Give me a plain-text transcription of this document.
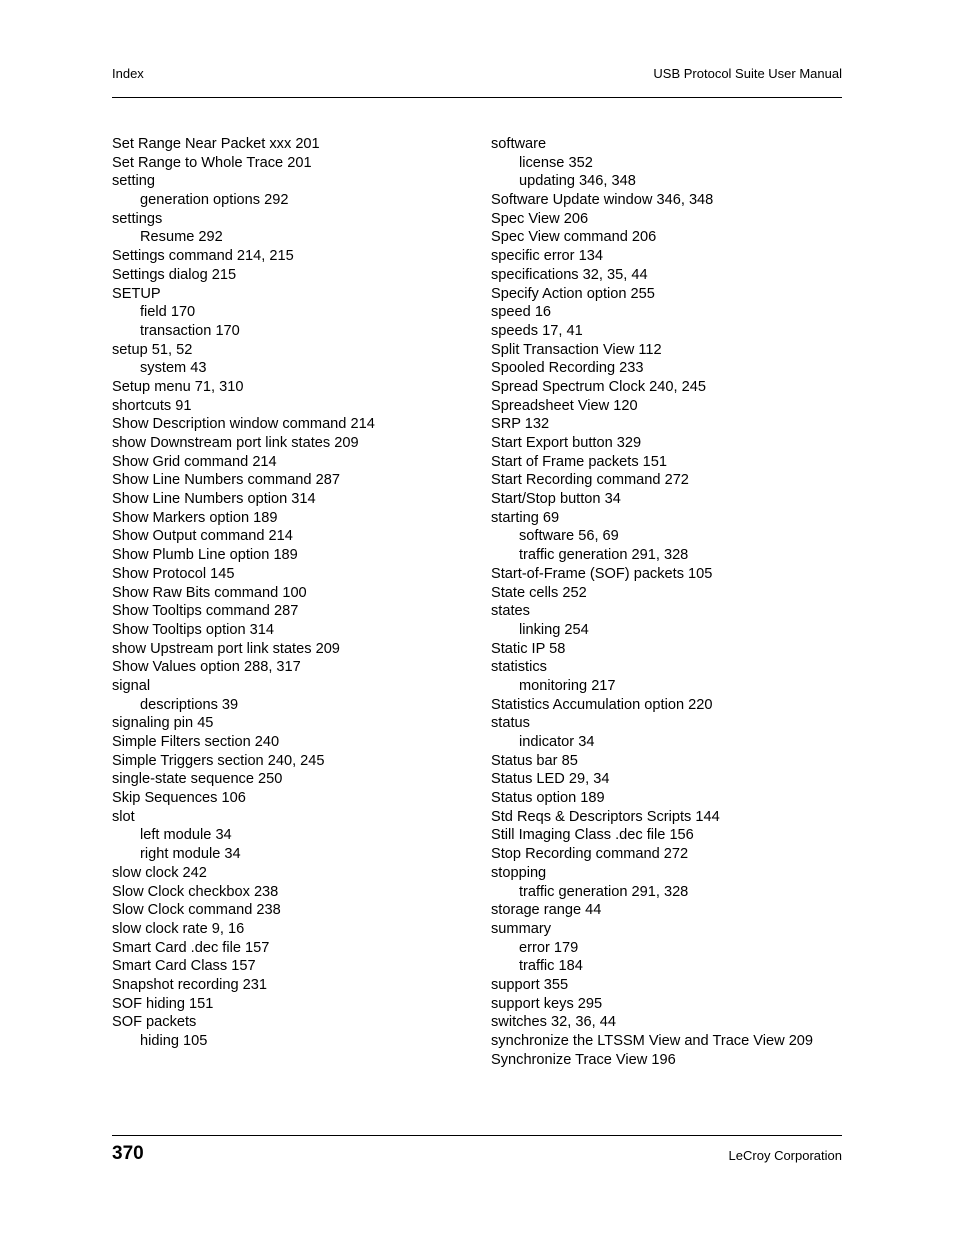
Index	USB Protocol Suite User Manual
Set Range Near Packet xxx 201
Set Range to Whole Trace 201
setting
generation options 292
settings
Resume 292
Settings command 214, 215
Settings dialog 215
SETUP
field 170
transaction 170
setup 51, 52
system 43
Setup menu 71, 310
shortcuts 91
Show Description window command 214
show Downstream port link states 209
Show Grid command 214
Show Line Numbers command 287
Show Line Numbers option 314
Show Markers option 189
Show Output command 214
Show Plumb Line option 189
Show Protocol 145
Show Raw Bits command 100
Show Tooltips command 287
Show Tooltips option 314
show Upstream port link states 209
Show Values option 288, 317
signal
descriptions 39
signaling pin 45
Simple Filters section 240
Simple Triggers section 240, 245
single-state sequence 250
Skip Sequences 106
slot
left module 34
right module 34
slow clock 242
Slow Clock checkbox 238
Slow Clock command 238
slow clock rate 9, 16
Smart Card .dec file 157
Smart Card Class 157
Snapshot recording 231
SOF hiding 151
SOF packets
hiding 105
software
license 352
updating 346, 348
Software Update window 346, 348
Spec View 206
Spec View command 206
specific error 134
specifications 32, 35, 44
Specify Action option 255
speed 16
speeds 17, 41
Split Transaction View 112
Spooled Recording 233
Spread Spectrum Clock 240, 245
Spreadsheet View 120
SRP 132
Start Export button 329
Start of Frame packets 151
Start Recording command 272
Start/Stop button 34
starting 69
software 56, 69
traffic generation 291, 328
Start-of-Frame (SOF) packets 105
State cells 252
states
linking 254
Static IP 58
statistics
monitoring 217
Statistics Accumulation option 220
status
indicator 34
Status bar 85
Status LED 29, 34
Status option 189
Std Reqs & Descriptors Scripts 144
Still Imaging Class .dec file 156
Stop Recording command 272
stopping
traffic generation 291, 328
storage range 44
summary
error 179
traffic 184
support 355
support keys 295
switches 32, 36, 44
synchronize the LTSSM View and Trace View 209
Synchronize Trace View 196
370	LeCroy Corporation
